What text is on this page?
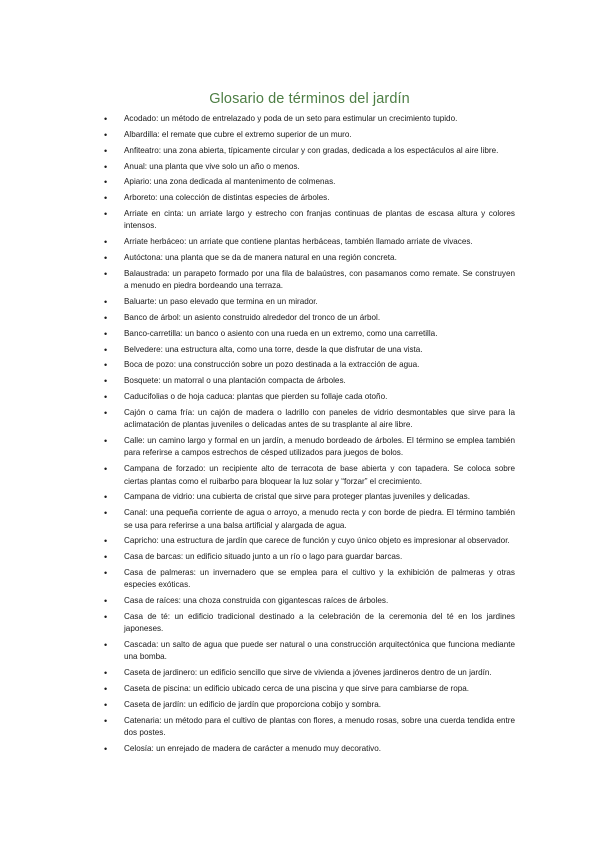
Glosario de términos del jardín
• Acodado: un método de entrelazado y poda de un seto para estimular un crecimiento tupido.
• Albardilla: el remate que cubre el extremo superior de un muro.
• Anfiteatro: una zona abierta, típicamente circular y con gradas, dedicada a los espectáculos al aire libre.
• Anual: una planta que vive solo un año o menos.
• Apiario: una zona dedicada al mantenimento de colmenas.
• Arboreto: una colección de distintas especies de árboles.
• Arriate en cinta: un arriate largo y estrecho con franjas continuas de plantas de escasa altura y colores intensos.
• Arriate herbáceo: un arriate que contiene plantas herbáceas, también llamado arriate de vivaces.
• Autóctona: una planta que se da de manera natural en una región concreta.
• Balaustrada: un parapeto formado por una fila de balaústres, con pasamanos como remate. Se construyen a menudo en piedra bordeando una terraza.
• Baluarte: un paso elevado que termina en un mirador.
• Banco de árbol: un asiento construido alrededor del tronco de un árbol.
• Banco-carretilla: un banco o asiento con una rueda en un extremo, como una carretilla.
• Belvedere: una estructura alta, como una torre, desde la que disfrutar de una vista.
• Boca de pozo: una construcción sobre un pozo destinada a la extracción de agua.
• Bosquete: un matorral o una plantación compacta de árboles.
• Caducifolias o de hoja caduca: plantas que pierden su follaje cada otoño.
• Cajón o cama fría: un cajón de madera o ladrillo con paneles de vidrio desmontables que sirve para la aclimatación de plantas juveniles o delicadas antes de su trasplante al aire libre.
• Calle: un camino largo y formal en un jardín, a menudo bordeado de árboles. El término se emplea también para referirse a campos estrechos de césped utilizados para juegos de bolos.
• Campana de forzado: un recipiente alto de terracota de base abierta y con tapadera. Se coloca sobre ciertas plantas como el ruibarbo para bloquear la luz solar y “forzar” el crecimiento.
• Campana de vidrio: una cubierta de cristal que sirve para proteger plantas juveniles y delicadas.
• Canal: una pequeña corriente de agua o arroyo, a menudo recta y con borde de piedra. El término también se usa para referirse a una balsa artificial y alargada de agua.
• Capricho: una estructura de jardín que carece de función y cuyo único objeto es impresionar al observador.
• Casa de barcas: un edificio situado junto a un río o lago para guardar barcas.
• Casa de palmeras: un invernadero que se emplea para el cultivo y la exhibición de palmeras y otras especies exóticas.
• Casa de raíces: una choza construida con gigantescas raíces de árboles.
• Casa de té: un edificio tradicional destinado a la celebración de la ceremonia del té en los jardines japoneses.
• Cascada: un salto de agua que puede ser natural o una construcción arquitectónica que funciona mediante una bomba.
• Caseta de jardinero: un edificio sencillo que sirve de vivienda a jóvenes jardineros dentro de un jardín.
• Caseta de piscina: un edificio ubicado cerca de una piscina y que sirve para cambiarse de ropa.
• Caseta de jardín: un edificio de jardín que proporciona cobijo y sombra.
• Catenaria: un método para el cultivo de plantas con flores, a menudo rosas, sobre una cuerda tendida entre dos postes.
• Celosía: un enrejado de madera de carácter a menudo muy decorativo.
